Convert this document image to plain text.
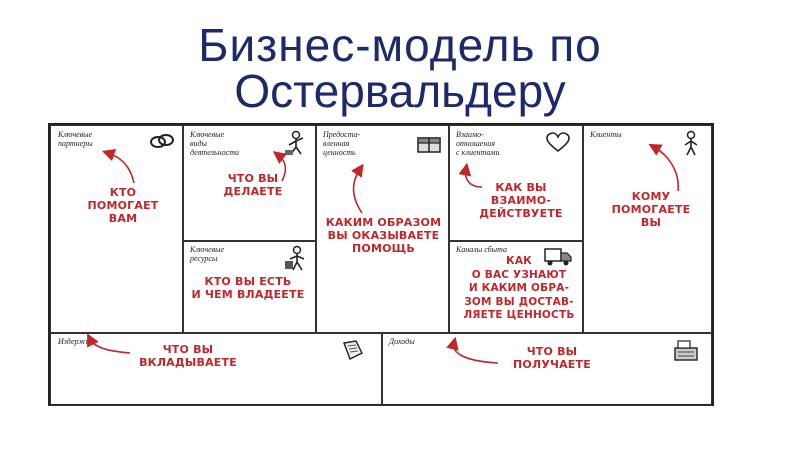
Бизнес-модель по
Остервальдеру
Ключевые
партнеры
КТО
ПОМОГАЕТ
ВАМ
Ключевые
виды
деятельности
ЧТО ВЫ
ДЕЛАЕТЕ
Ключевые
ресурсы
КТО ВЫ ЕСТЬ
И ЧЕМ ВЛАДЕЕТЕ
Предоста-
вленная
ценность
КАКИМ ОБРАЗОМ
ВЫ ОКАЗЫВАЕТЕ
ПОМОЩЬ
Взаимо-
отношения
с клиентами
КАК ВЫ
ВЗАИМО-
ДЕЙСТВУЕТЕ
Каналы сбыта
КАК
О ВАС УЗНАЮТ
И КАКИМ ОБРА-
ЗОМ ВЫ ДОСТАВ-
ЛЯЕТЕ ЦЕННОСТЬ
Клиенты
КОМУ
ПОМОГАЕТЕ
ВЫ
Издержки
ЧТО ВЫ
ВКЛАДЫВАЕТЕ
Доходы
ЧТО ВЫ
ПОЛУЧАЕТЕ
